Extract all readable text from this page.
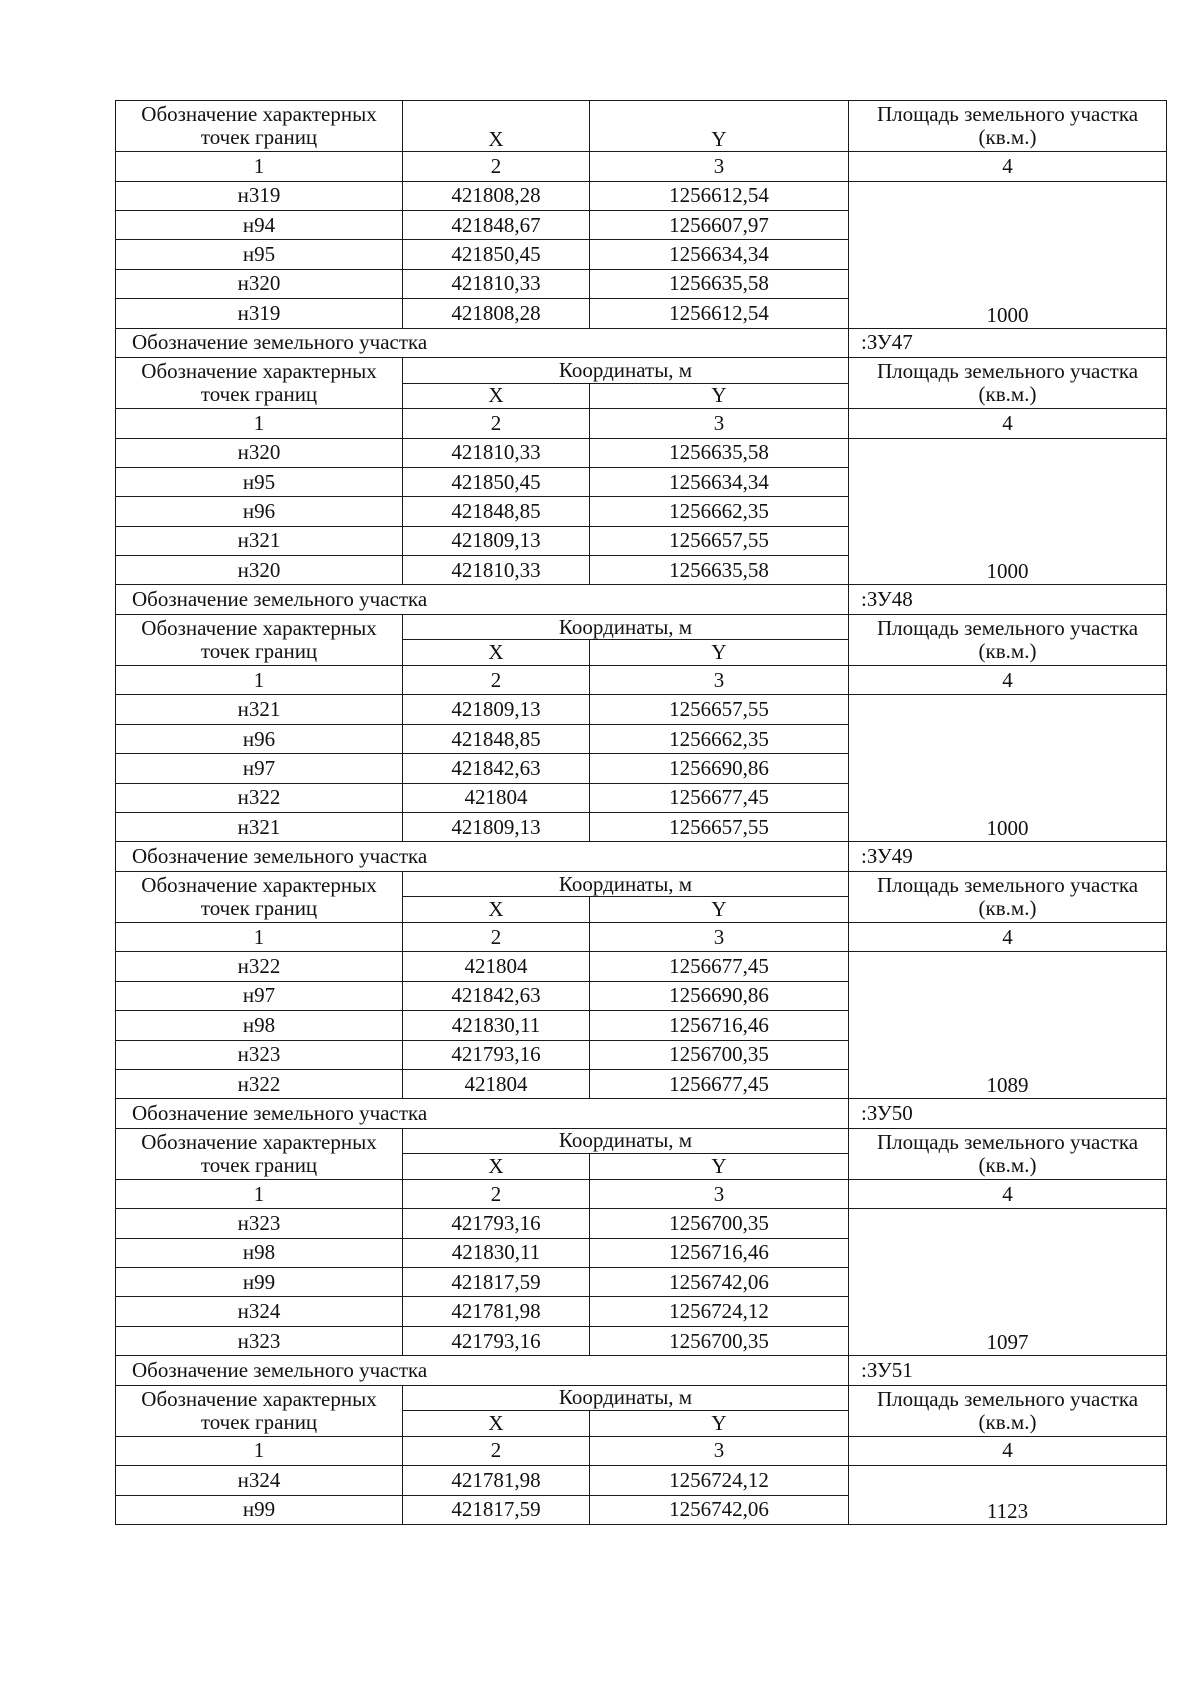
Обозначение характерных
точек границ	X	Y	Площадь земельного участка
(кв.м.)

1	2	3	4
н319	421808,28	1256612,54	1000
н94	421848,67	1256607,97	
н95	421850,45	1256634,34	
н320	421810,33	1256635,58	
н319	421808,28	1256612,54	
Обозначение земельного участка			:ЗУ47

Обозначение характерных
точек границ	Координаты, м		Площадь земельного участка
(кв.м.)

	X	Y	
1	2	3	4
н320	421810,33	1256635,58	1000
н95	421850,45	1256634,34	
н96	421848,85	1256662,35	
н321	421809,13	1256657,55	
н320	421810,33	1256635,58	
Обозначение земельного участка			:ЗУ48

Обозначение характерных
точек границ	Координаты, м		Площадь земельного участка
(кв.м.)

	X	Y	
1	2	3	4
н321	421809,13	1256657,55	1000
н96	421848,85	1256662,35	
н97	421842,63	1256690,86	
н322	421804	1256677,45	
н321	421809,13	1256657,55	
Обозначение земельного участка			:ЗУ49

Обозначение характерных
точек границ	Координаты, м		Площадь земельного участка
(кв.м.)

	X	Y	
1	2	3	4
н322	421804	1256677,45	1089
н97	421842,63	1256690,86	
н98	421830,11	1256716,46	
н323	421793,16	1256700,35	
н322	421804	1256677,45	
Обозначение земельного участка			:ЗУ50

Обозначение характерных
точек границ	Координаты, м		Площадь земельного участка
(кв.м.)

	X	Y	
1	2	3	4
н323	421793,16	1256700,35	1097
н98	421830,11	1256716,46	
н99	421817,59	1256742,06	
н324	421781,98	1256724,12	
н323	421793,16	1256700,35	
Обозначение земельного участка			:ЗУ51

Обозначение характерных
точек границ	Координаты, м		Площадь земельного участка
(кв.м.)

	X	Y	
1	2	3	4
н324	421781,98	1256724,12	1123
н99	421817,59	1256742,06	
